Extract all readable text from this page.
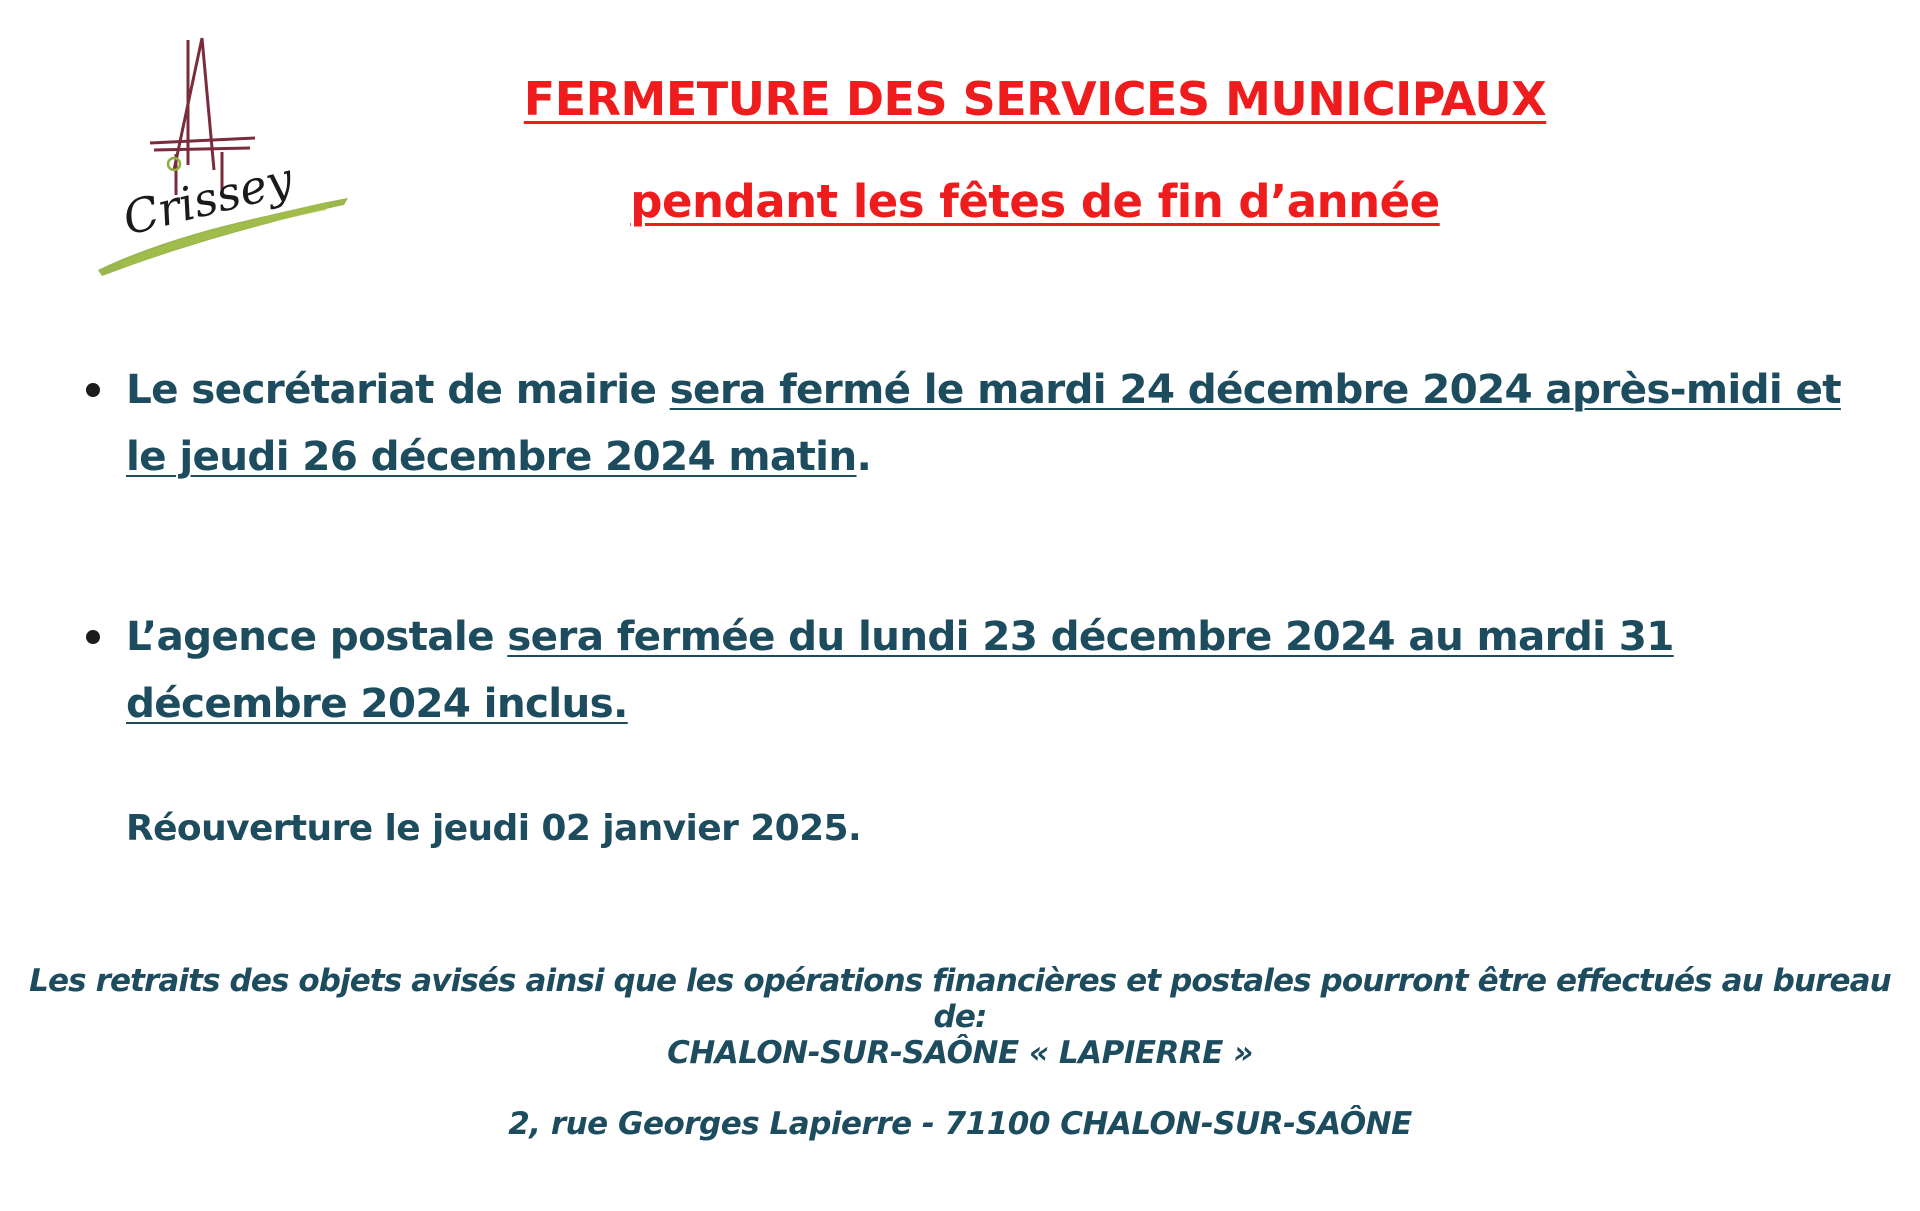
Crissey
FERMETURE DES SERVICES MUNICIPAUX
pendant les fêtes de fin d’année
Le secrétariat de mairie sera fermé le mardi 24 décembre 2024 après-midi et le jeudi 26 décembre 2024 matin.
L’agence postale sera fermée du lundi 23 décembre 2024 au mardi 31 décembre 2024 inclus.
Réouverture le jeudi 02 janvier 2025.
Les retraits des objets avisés ainsi que les opérations financières et postales pourront être effectués au bureau de:
CHALON-SUR-SAÔNE « LAPIERRE »
2, rue Georges Lapierre - 71100 CHALON-SUR-SAÔNE
